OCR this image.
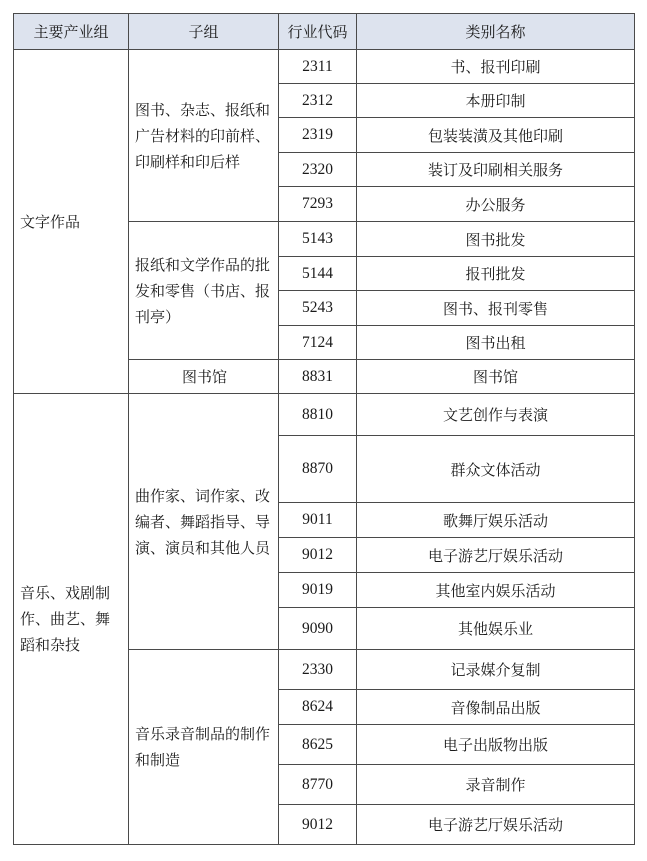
主要产业组	子组	行业代码	类别名称
文字作品	图书、杂志、报纸和广告材料的印前样、印刷样和印后样	2311	书、报刊印刷
		2312	本册印制
		2319	包装装潢及其他印刷
		2320	装订及印刷相关服务
		7293	办公服务
	报纸和文学作品的批发和零售（书店、报刊亭）	5143	图书批发
		5144	报刊批发
		5243	图书、报刊零售
		7124	图书出租
	图书馆	8831	图书馆
音乐、戏剧制作、曲艺、舞蹈和杂技	曲作家、词作家、改编者、舞蹈指导、导演、演员和其他人员	8810	文艺创作与表演
		8870	群众文体活动
		9011	歌舞厅娱乐活动
		9012	电子游艺厅娱乐活动
		9019	其他室内娱乐活动
		9090	其他娱乐业
	音乐录音制品的制作和制造	2330	记录媒介复制
		8624	音像制品出版
		8625	电子出版物出版
		8770	录音制作
		9012	电子游艺厅娱乐活动
